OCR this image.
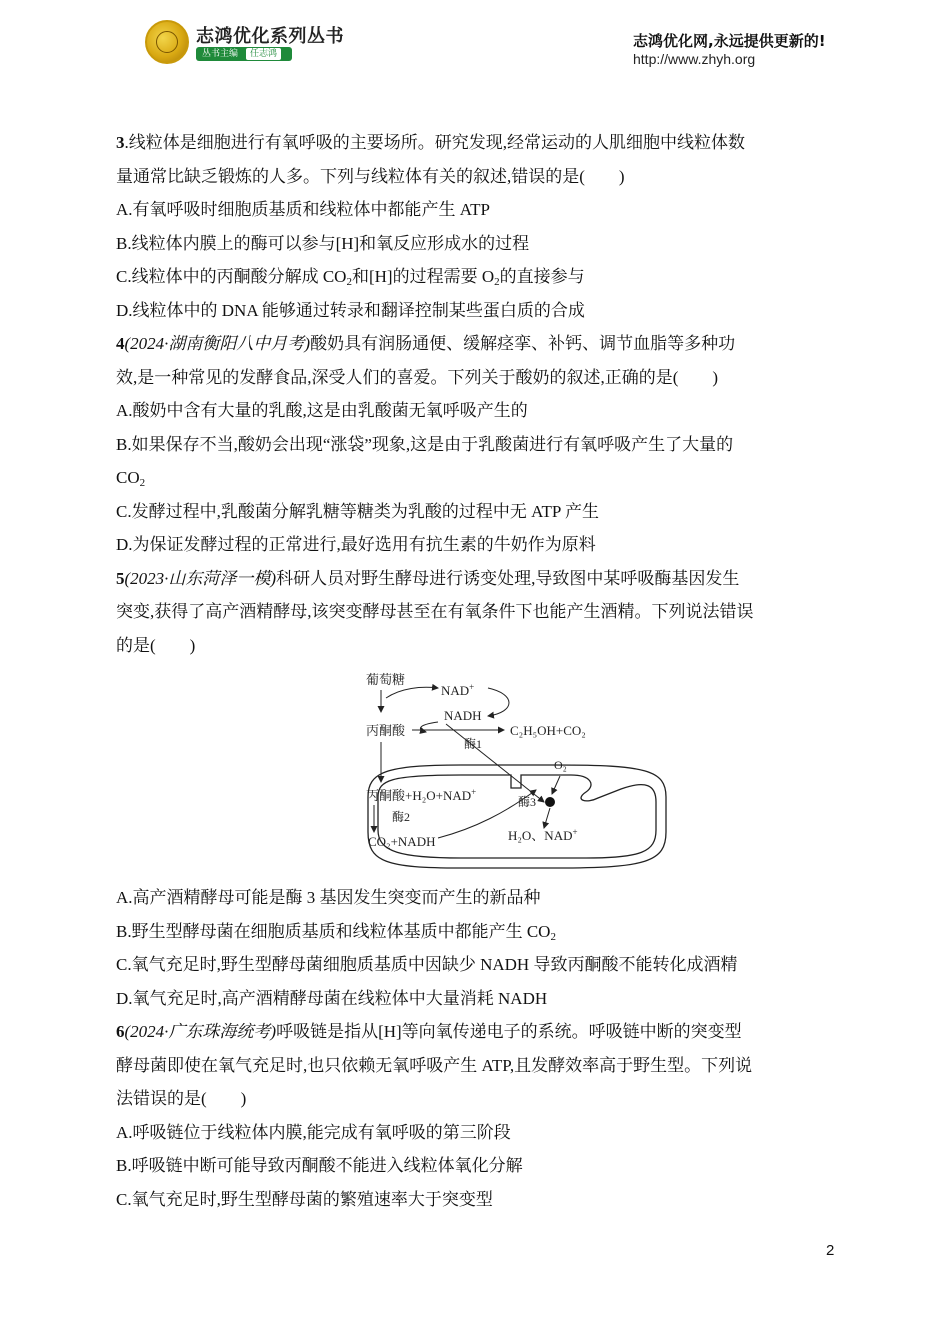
志鸿优化系列丛书
丛书主编 任志鸿
志鸿优化网,永远提供更新的!
http://www.zhyh.org
3.线粒体是细胞进行有氧呼吸的主要场所。研究发现,经常运动的人肌细胞中线粒体数
量通常比缺乏锻炼的人多。下列与线粒体有关的叙述,错误的是(　　)
A.有氧呼吸时细胞质基质和线粒体中都能产生 ATP
B.线粒体内膜上的酶可以参与[H]和氧反应形成水的过程
C.线粒体中的丙酮酸分解成 $CO_2$和[H]的过程需要 $O_2$的直接参与
D.线粒体中的 DNA 能够通过转录和翻译控制某些蛋白质的合成
4(2024·湖南衡阳八中月考)酸奶具有润肠通便、缓解痉挛、补钙、调节血脂等多种功
效,是一种常见的发酵食品,深受人们的喜爱。下列关于酸奶的叙述,正确的是(　　)
A.酸奶中含有大量的乳酸,这是由乳酸菌无氧呼吸产生的
B.如果保存不当,酸奶会出现“涨袋”现象,这是由于乳酸菌进行有氧呼吸产生了大量的
$CO_2$
C.发酵过程中,乳酸菌分解乳糖等糖类为乳酸的过程中无 ATP 产生
D.为保证发酵过程的正常进行,最好选用有抗生素的牛奶作为原料
5(2023·山东菏泽一模)科研人员对野生酵母进行诱变处理,导致图中某呼吸酶基因发生
突变,获得了高产酒精酵母,该突变酵母甚至在有氧条件下也能产生酒精。下列说法错误
的是(　　)
葡萄糖
NAD+
NADH
丙酮酸	C₂H₅OH+CO₂
酶1
丙酮酸+H₂O+NAD+
酶2
CO₂+NADH
O₂
酶3
H₂O、NAD+
A.高产酒精酵母可能是酶 3 基因发生突变而产生的新品种
B.野生型酵母菌在细胞质基质和线粒体基质中都能产生 $CO_2$
C.氧气充足时,野生型酵母菌细胞质基质中因缺少 NADH 导致丙酮酸不能转化成酒精
D.氧气充足时,高产酒精酵母菌在线粒体中大量消耗 NADH
6(2024·广东珠海统考)呼吸链是指从[H]等向氧传递电子的系统。呼吸链中断的突变型
酵母菌即使在氧气充足时,也只依赖无氧呼吸产生 ATP,且发酵效率高于野生型。下列说
法错误的是(　　)
A.呼吸链位于线粒体内膜,能完成有氧呼吸的第三阶段
B.呼吸链中断可能导致丙酮酸不能进入线粒体氧化分解
C.氧气充足时,野生型酵母菌的繁殖速率大于突变型
2
